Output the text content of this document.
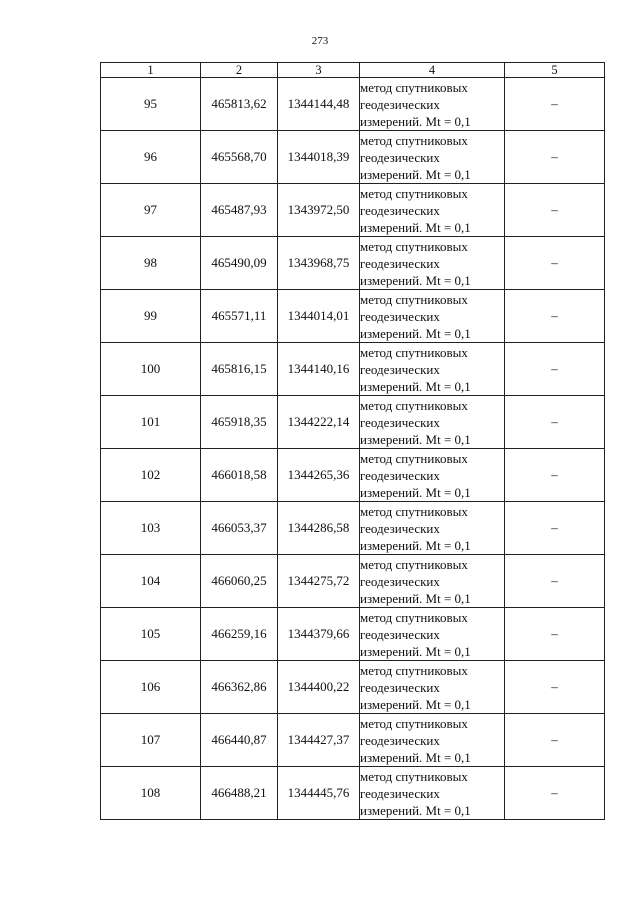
273
1	2	3	4	5
95	465813,62	1344144,48	метод спутниковых
геодезических
измерений. Mt = 0,1	–
96	465568,70	1344018,39	метод спутниковых
геодезических
измерений. Mt = 0,1	–
97	465487,93	1343972,50	метод спутниковых
геодезических
измерений. Mt = 0,1	–
98	465490,09	1343968,75	метод спутниковых
геодезических
измерений. Mt = 0,1	–
99	465571,11	1344014,01	метод спутниковых
геодезических
измерений. Mt = 0,1	–
100	465816,15	1344140,16	метод спутниковых
геодезических
измерений. Mt = 0,1	–
101	465918,35	1344222,14	метод спутниковых
геодезических
измерений. Mt = 0,1	–
102	466018,58	1344265,36	метод спутниковых
геодезических
измерений. Mt = 0,1	–
103	466053,37	1344286,58	метод спутниковых
геодезических
измерений. Mt = 0,1	–
104	466060,25	1344275,72	метод спутниковых
геодезических
измерений. Mt = 0,1	–
105	466259,16	1344379,66	метод спутниковых
геодезических
измерений. Mt = 0,1	–
106	466362,86	1344400,22	метод спутниковых
геодезических
измерений. Mt = 0,1	–
107	466440,87	1344427,37	метод спутниковых
геодезических
измерений. Mt = 0,1	–
108	466488,21	1344445,76	метод спутниковых
геодезических
измерений. Mt = 0,1	–
